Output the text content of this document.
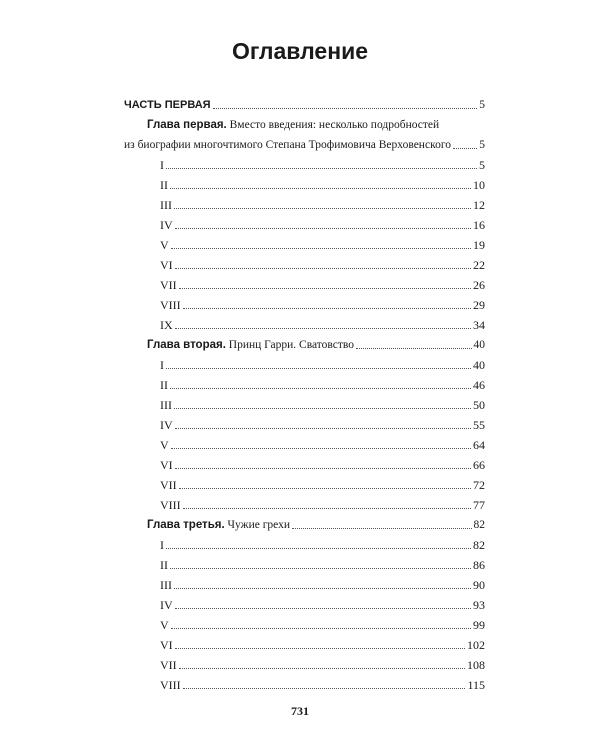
Оглавление
ЧАСТЬ ПЕРВАЯ	5
Глава первая. Вместо введения: несколько подробностей
из биографии многочтимого Степана Трофимовича Верховенского 5
I	5
II	10
III	12
IV	16
V	19
VI	22
VII	26
VIII	29
IX	34
Глава вторая. Принц Гарри. Сватовство	40
I	40
II	46
III	50
IV	55
V	64
VI	66
VII	72
VIII	77
Глава третья. Чужие грехи	82
I	82
II	86
III	90
IV	93
V	99
VI	102
VII	108
VIII	115
731
